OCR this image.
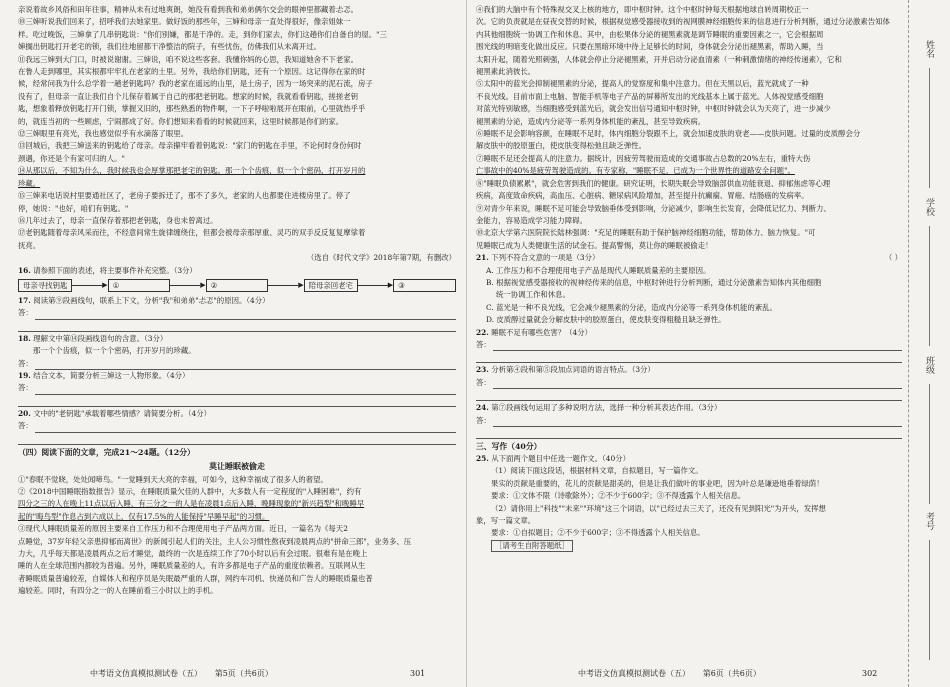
亲说着故乡风俗和田年往事，精神从未有过地爽朗，她没有看到我和弟弟俩尔交会的眼神里都藏着忐忑。

⑩三婶听说我们回来了，招呼我们去她家里。做好饭的那些年，三婶和母亲一直处得很好，像亲姐妹一

样。吃过晚饭，三婶拿了几串钥匙说："你们别嫌，都是干净的。走，到你们家去，你们这趟你们自备自的屋。"三

婶搁出钥匙打开老宅的锁，我们往地留都干净整洁的院子，有些忧伤，仿佛我们从未离开过。

⑪我远三婶到大门口，时被说谢谢。三婶说，咱不说这些客套。我懂你妈的心思，我知道她舍不下老家。

在鲁人走到哪里，其实根都牢牢扎在老家的土里。另外，我给你们钥匙，还有一个原因。这记得你在家的时

候，经常问我为什么总学着一趟老钥匙吗？我的老家在遥远的山里，是土房子，因为一场突来的泥石流，房子

没有了，但母亲一直让我们自个儿保存着属于自己的那把老钥匙。想家的时候，我就看看钥匙，搓搓老钥

匙，想象着释放钥匙打开门锁，掌握又旧的，那些熟悉的物件啊，一下子呼啦啦展开在眼前，心里就热乎乎

的，就连当初的一些顾虑，宁闹都成了好。你们想知来看看的时候就回来，这里时候都是你们的家。

⑫三婶眼里有亮光，我也感觉似乎有水滴落了眼里。

⑬回城后，我把三婶送来的钥匙给了母亲。母亲攥牢看着钥匙说："家门的钥匙在手里，不论何时身份何时

颈遇，你还是个有家可归的人。"

⑭从那以后，不知为什么，我时候我也会厚掌那把老宅的钥匙。那一个个齿痕，似一个个密码，打开岁月的

珍藏。

⑮三婶来电话说村里要通社区了，老房子要拆迁了，那不了多久，老家的人也都要住进楼房里了。停了

停，她说："也好，咱们有钥匙。"

⑯几年过去了，母亲一直保存着那把老钥匙，身也未曾离过。

⑰老钥匙随着母亲风采而往，不经意间常生旋律缠绕住，但都会被母亲那厚重、灵巧的双手反反复复摩挲着

抚亮。

（选自《时代文学》2018年第7期，有删改）

16. 请参照下面的表述，将主要事件补充完整。（3分）

母亲寻找钥匙	▶ ①	▶ ②	▶ 陪母亲回老宅	▶ ③

17. 阅读第⑨段画线句，联系上下文，分析"我"和弟弟"忐忑"的原因。（4分）

答：

18. 理解文中第⑭段画线语句的含意。（3分）

那一个个齿痕，似一个个密码，打开岁月的珍藏。

答：

19. 结合文本，简要分析三婶这一人物形象。（4分）

答：

20. 文中的"老钥匙"承载着哪些情感？请简要分析。（4分）

答：

（四）阅读下面的文章，完成21～24题。（12分）

莫让睡眠被偷走

①"春眠不觉晓，处处闻啼鸟。"一觉睡到天大亮的幸福，可如今，这种幸福成了很多人的奢望。

②《2018中国睡眠指数报告》显示，在睡眠质量欠佳的人群中，大多数人有一定程度的"入睡困难"，约有

四分之三的人在晚上11点以后入睡，有三分之一的人是在凌晨1点后入睡，晚睡现象的"新兴趋型"和晚睡早

起的"晦鸟型"作息占到六成以上，仅有17.5%的人能保持"早睡早起"的习惯。

③现代人睡眠质量差的原因主要来自工作压力和不合理使用电子产品两方面。近日，一篇名为《每天2

点睡觉，37岁年轻父亲患抑郁而离世》的新闻引起人们的关注，主人公习惯性熬夜到凌晨两点的"拼命三郎"，业务多、压

力大，几乎每天都是凌晨两点之后才睡觉，最终的一次是连续工作了70小时以后有会过眠。很难有是在晚上

睡的人在全球范围内都较为普遍。另外，睡眠质量差的人，有许多都是电子产品的重度依赖者。互联网从生

者睡眠质量普遍较差，自媒体人和程序员是失眠最严重的人群，网约车司机、快递员和广告人的睡眠质量也普

遍较差。同时，有四分之一的人在睡前看三小时以上的手机。

中考语文仿真模拟测试卷（五） 第5页（共6页）	301

④我们的大脑中有个特殊视交叉上核的地方，即中枢时钟。这个中枢时钟每天根据地球自转周期校正一

次。它的负责就是在昼夜交替的时候，根据视觉感受器接收到的视网膜神经细胞传来的信息进行分析判断，通过分泌激素告知体

内其他细胞统一协调工作和休息。其中，由松果体分泌的褪黑素就是调节睡眠的重要因素之一，它会根据周

围光线的明暗变化做出反应。只要在黑暗环境中待上足够长的时间，身体就会分泌出褪黑素，帮助入睡，当

太阳升起，随着光照刺强，人体就会停止分泌褪黑素，开并启动分泌血清素（一种刺激情绪的神经传递素），它和

褪黑素此消彼长。

⑤太阳中的蓝光会抑制褪黑素的分泌，提高人的觉察度和集中注意力。但在天黑以后，蓝光就成了一种

不良光线。目前市面上电脑、智能手机等电子产品的屏幕所发出的光线基本上属于蓝光。人体视觉感受细胞

对蓝光特别敏感，当细胞感受到蓝光后，就会发出信号通知中枢时钟，中枢时钟就会认为天亮了，进一步减少

褪黑素的分泌，造成内分泌等一系列身体机能的紊乱，甚至导致疾病。

⑥睡眠不足会影响容颜，在睡眠不足时，体内细胞分裂跟不上，就会加速皮肤的衰老——皮肤问题。过量的皮质醇会分

解皮肤中的胶原蛋白，使皮肤变得松弛且缺乏弹性。

⑦睡眠不足还会提高人的注意力。据统计，因疲劳驾驶而造成的交通事故占总数的20%左右，重特大伤

亡事故中的40%是疲劳驾驶造成的。有专家称，"睡眠不足，已成为一个世界性的道路安全问题"。

⑧"睡眠负债累累"，就会危害到我们的健康。研究证明，长期失眠会导致脑部供血功能衰退、抑郁焦虑等心理

疾病，高度致命疾病，高血压、心脏病、糖尿病风险增加，甚至提升抗癫痫、胃癌、结肠癌的发病率。

⑨对青少年来说，睡眠不足可能会导致脑垂体受到影响，分泌减少，影响生长发育，会降低记忆力、判断力、

金能力，容易造成学习能力障碍。

⑩北京大学第六医院院长陆林强调："充足的睡眠有助于保护脑神经细胞功能，帮助体力、脑力恢复。"可

见睡眠已成为人类健康生活的试金石。提高警惕，莫让你的睡眠被偷走！

21. 下列不符合文意的一项是（3分）	（ ）

A. 工作压力和不合理使用电子产品是现代人睡眠质量差的主要原因。

B. 根据视觉感受器接收的视神经传来的信息，中枢时钟进行分析判断，通过分泌激素告知体内其他细胞

统一协调工作和休息。

C. 蓝光是一种不良光线，它会减少褪黑素的分泌，造成内分泌等一系列身体机能的紊乱。

D. 皮质醇过量就会分解皮肤中的胶原蛋白，使皮肤变得粗糙且缺乏弹性。

22. 睡眠不足有哪些危害？（4分）

答：

23. 分析第④段和第⑤段加点词语的语言特点。（3分）

答：

24. 第⑦段画线句运用了多种说明方法，选择一种分析其表达作用。（3分）

答：

三、写作（40分）

25. 从下面两个题目中任选一题作文。（40分）

（1）阅读下面这段话，根据材料文章，自拟题目，写一篇作文。

果实的贡献是重要的，花儿的贡献是甜美的，但是让我们做叶的事业吧，因为叶总是谦逊地垂着绿荫！

要求：①文体不限（诗歌除外）；②不少于600字；③不得透露个人相关信息。

（2）请你用上"科技""未来""环境"这三个词语，以"已经过去三天了，还没有见到阳光"为开头，发挥想

象，写一篇文章。

要求：①自拟题目；②不少于600字；③不得透露个人相关信息。

［请考生自附答题纸］

中考语文仿真模拟测试卷（五） 第6页（共6页）	302
姓名
学校
班级
考号
